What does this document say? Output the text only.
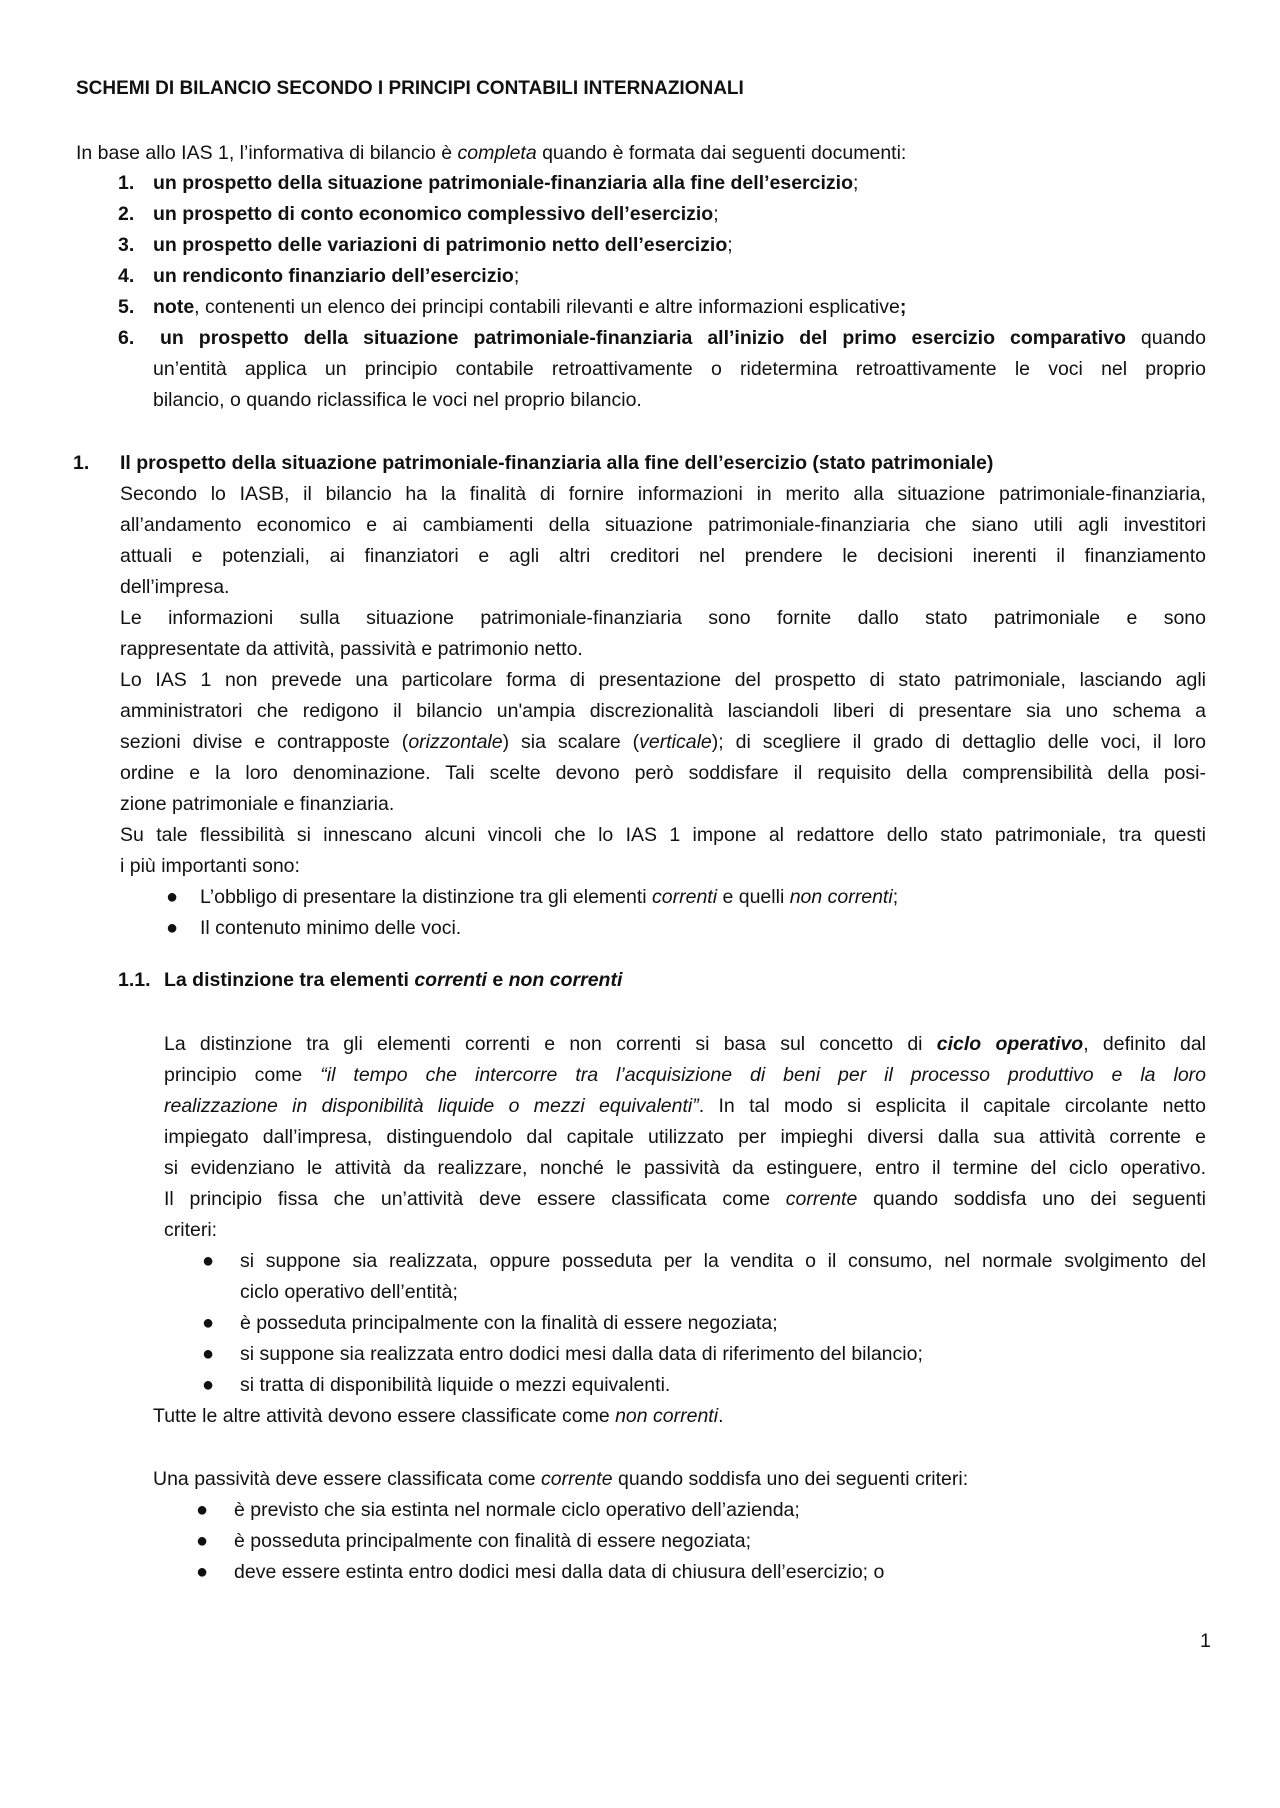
SCHEMI DI BILANCIO SECONDO I PRINCIPI CONTABILI INTERNAZIONALI
In base allo IAS 1, l’informativa di bilancio è completa quando è formata dai seguenti documenti:
1. un prospetto della situazione patrimoniale-finanziaria alla fine dell’esercizio;
2. un prospetto di conto economico complessivo dell’esercizio;
3. un prospetto delle variazioni di patrimonio netto dell’esercizio;
4. un rendiconto finanziario dell’esercizio;
5. note, contenenti un elenco dei principi contabili rilevanti e altre informazioni esplicative;
6. un prospetto della situazione patrimoniale-finanziaria all’inizio del primo esercizio comparativo quando
un’entità applica un principio contabile retroattivamente o ridetermina retroattivamente le voci nel proprio
bilancio, o quando riclassifica le voci nel proprio bilancio.
1. Il prospetto della situazione patrimoniale-finanziaria alla fine dell’esercizio (stato patrimoniale)
Secondo lo IASB, il bilancio ha la finalità di fornire informazioni in merito alla situazione patrimoniale-finanziaria,
all’andamento economico e ai cambiamenti della situazione patrimoniale-finanziaria che siano utili agli investitori
attuali e potenziali, ai finanziatori e agli altri creditori nel prendere le decisioni inerenti il finanziamento
dell’impresa.
Le informazioni sulla situazione patrimoniale-finanziaria sono fornite dallo stato patrimoniale e sono
rappresentate da attività, passività e patrimonio netto.
Lo IAS 1 non prevede una particolare forma di presentazione del prospetto di stato patrimoniale, lasciando agli
amministratori che redigono il bilancio un'ampia discrezionalità lasciandoli liberi di presentare sia uno schema a
sezioni divise e contrapposte (orizzontale) sia scalare (verticale); di scegliere il grado di dettaglio delle voci, il loro
ordine e la loro denominazione. Tali scelte devono però soddisfare il requisito della comprensibilità della posi-
zione patrimoniale e finanziaria.
Su tale flessibilità si innescano alcuni vincoli che lo IAS 1 impone al redattore dello stato patrimoniale, tra questi
i più importanti sono:
● L’obbligo di presentare la distinzione tra gli elementi correnti e quelli non correnti;
● Il contenuto minimo delle voci.
1.1. La distinzione tra elementi correnti e non correnti
La distinzione tra gli elementi correnti e non correnti si basa sul concetto di ciclo operativo, definito dal
principio come “il tempo che intercorre tra l’acquisizione di beni per il processo produttivo e la loro
realizzazione in disponibilità liquide o mezzi equivalenti”. In tal modo si esplicita il capitale circolante netto
impiegato dall’impresa, distinguendolo dal capitale utilizzato per impieghi diversi dalla sua attività corrente e
si evidenziano le attività da realizzare, nonché le passività da estinguere, entro il termine del ciclo operativo.
Il principio fissa che un’attività deve essere classificata come corrente quando soddisfa uno dei seguenti
criteri:
● si suppone sia realizzata, oppure posseduta per la vendita o il consumo, nel normale svolgimento del
ciclo operativo dell’entità;
● è posseduta principalmente con la finalità di essere negoziata;
● si suppone sia realizzata entro dodici mesi dalla data di riferimento del bilancio;
● si tratta di disponibilità liquide o mezzi equivalenti.
Tutte le altre attività devono essere classificate come non correnti.
Una passività deve essere classificata come corrente quando soddisfa uno dei seguenti criteri:
● è previsto che sia estinta nel normale ciclo operativo dell’azienda;
● è posseduta principalmente con finalità di essere negoziata;
● deve essere estinta entro dodici mesi dalla data di chiusura dell’esercizio; o
1
